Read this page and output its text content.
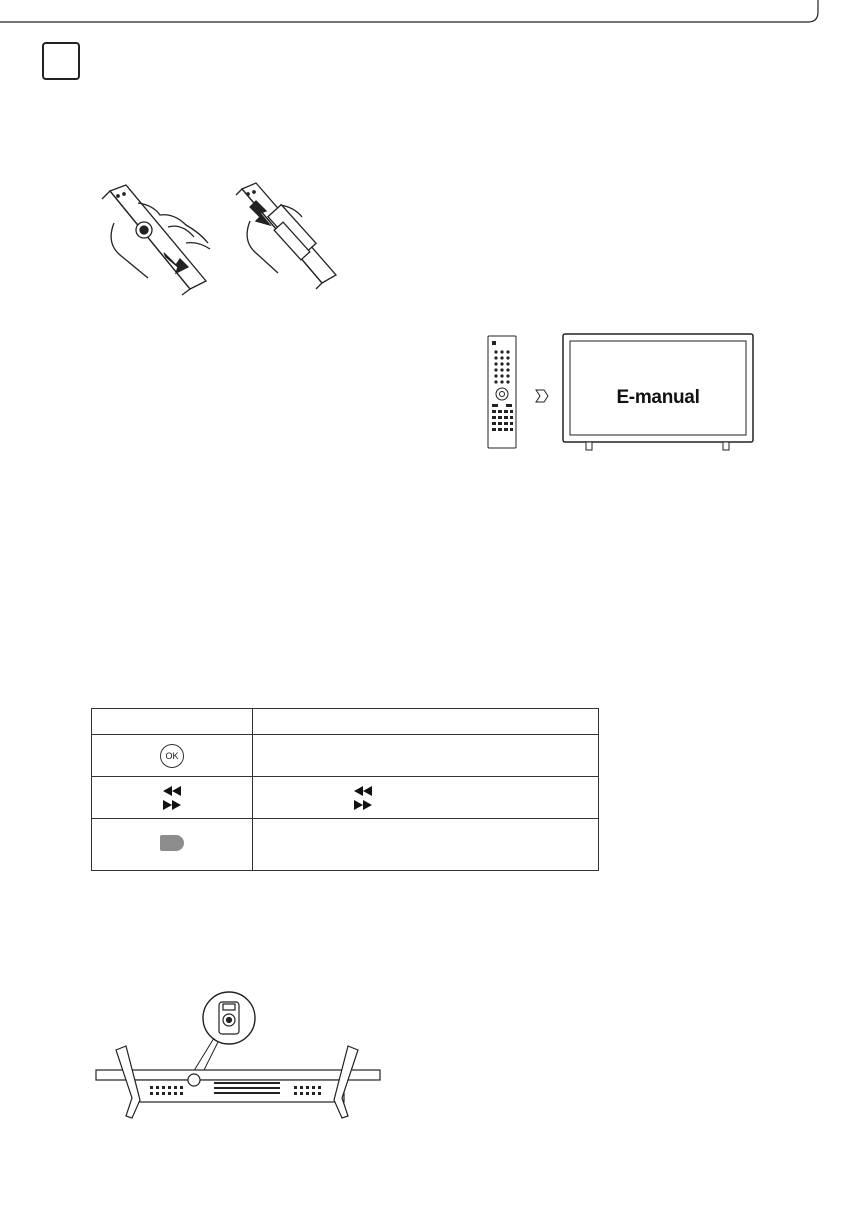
E-manual

OK	
